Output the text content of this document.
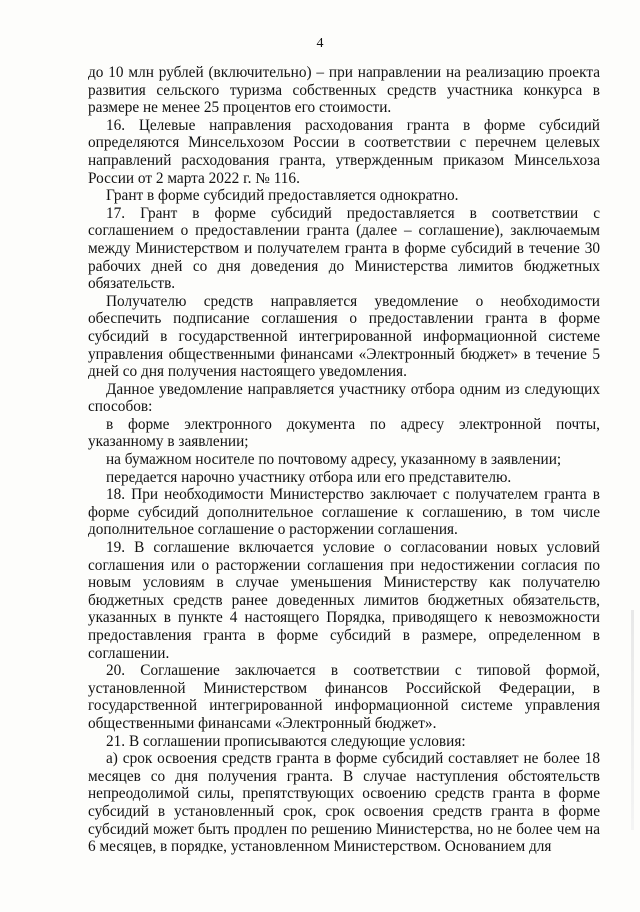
4

до 10 млн рублей (включительно) – при направлении на реализацию проекта развития сельского туризма собственных средств участника конкурса в размере не менее 25 процентов его стоимости.

16. Целевые направления расходования гранта в форме субсидий определяются Минсельхозом России в соответствии с перечнем целевых направлений расходования гранта, утвержденным приказом Минсельхоза России от 2 марта 2022 г. № 116.

Грант в форме субсидий предоставляется однократно.

17. Грант в форме субсидий предоставляется в соответствии с соглашением о предоставлении гранта (далее – соглашение), заключаемым между Министерством и получателем гранта в форме субсидий в течение 30 рабочих дней со дня доведения до Министерства лимитов бюджетных обязательств.

Получателю средств направляется уведомление о необходимости обеспечить подписание соглашения о предоставлении гранта в форме субсидий в государственной интегрированной информационной системе управления общественными финансами «Электронный бюджет» в течение 5 дней со дня получения настоящего уведомления.

Данное уведомление направляется участнику отбора одним из следующих способов:

в форме электронного документа по адресу электронной почты, указанному в заявлении;

на бумажном носителе по почтовому адресу, указанному в заявлении;

передается нарочно участнику отбора или его представителю.

18. При необходимости Министерство заключает с получателем гранта в форме субсидий дополнительное соглашение к соглашению, в том числе дополнительное соглашение о расторжении соглашения.

19. В соглашение включается условие о согласовании новых условий соглашения или о расторжении соглашения при недостижении согласия по новым условиям в случае уменьшения Министерству как получателю бюджетных средств ранее доведенных лимитов бюджетных обязательств, указанных в пункте 4 настоящего Порядка, приводящего к невозможности предоставления гранта в форме субсидий в размере, определенном в соглашении.

20. Соглашение заключается в соответствии с типовой формой, установленной Министерством финансов Российской Федерации, в государственной интегрированной информационной системе управления общественными финансами «Электронный бюджет».

21. В соглашении прописываются следующие условия:

а) срок освоения средств гранта в форме субсидий составляет не более 18 месяцев со дня получения гранта. В случае наступления обстоятельств непреодолимой силы, препятствующих освоению средств гранта в форме субсидий в установленный срок, срок освоения средств гранта в форме субсидий может быть продлен по решению Министерства, но не более чем на 6 месяцев, в порядке, установленном Министерством. Основанием для
